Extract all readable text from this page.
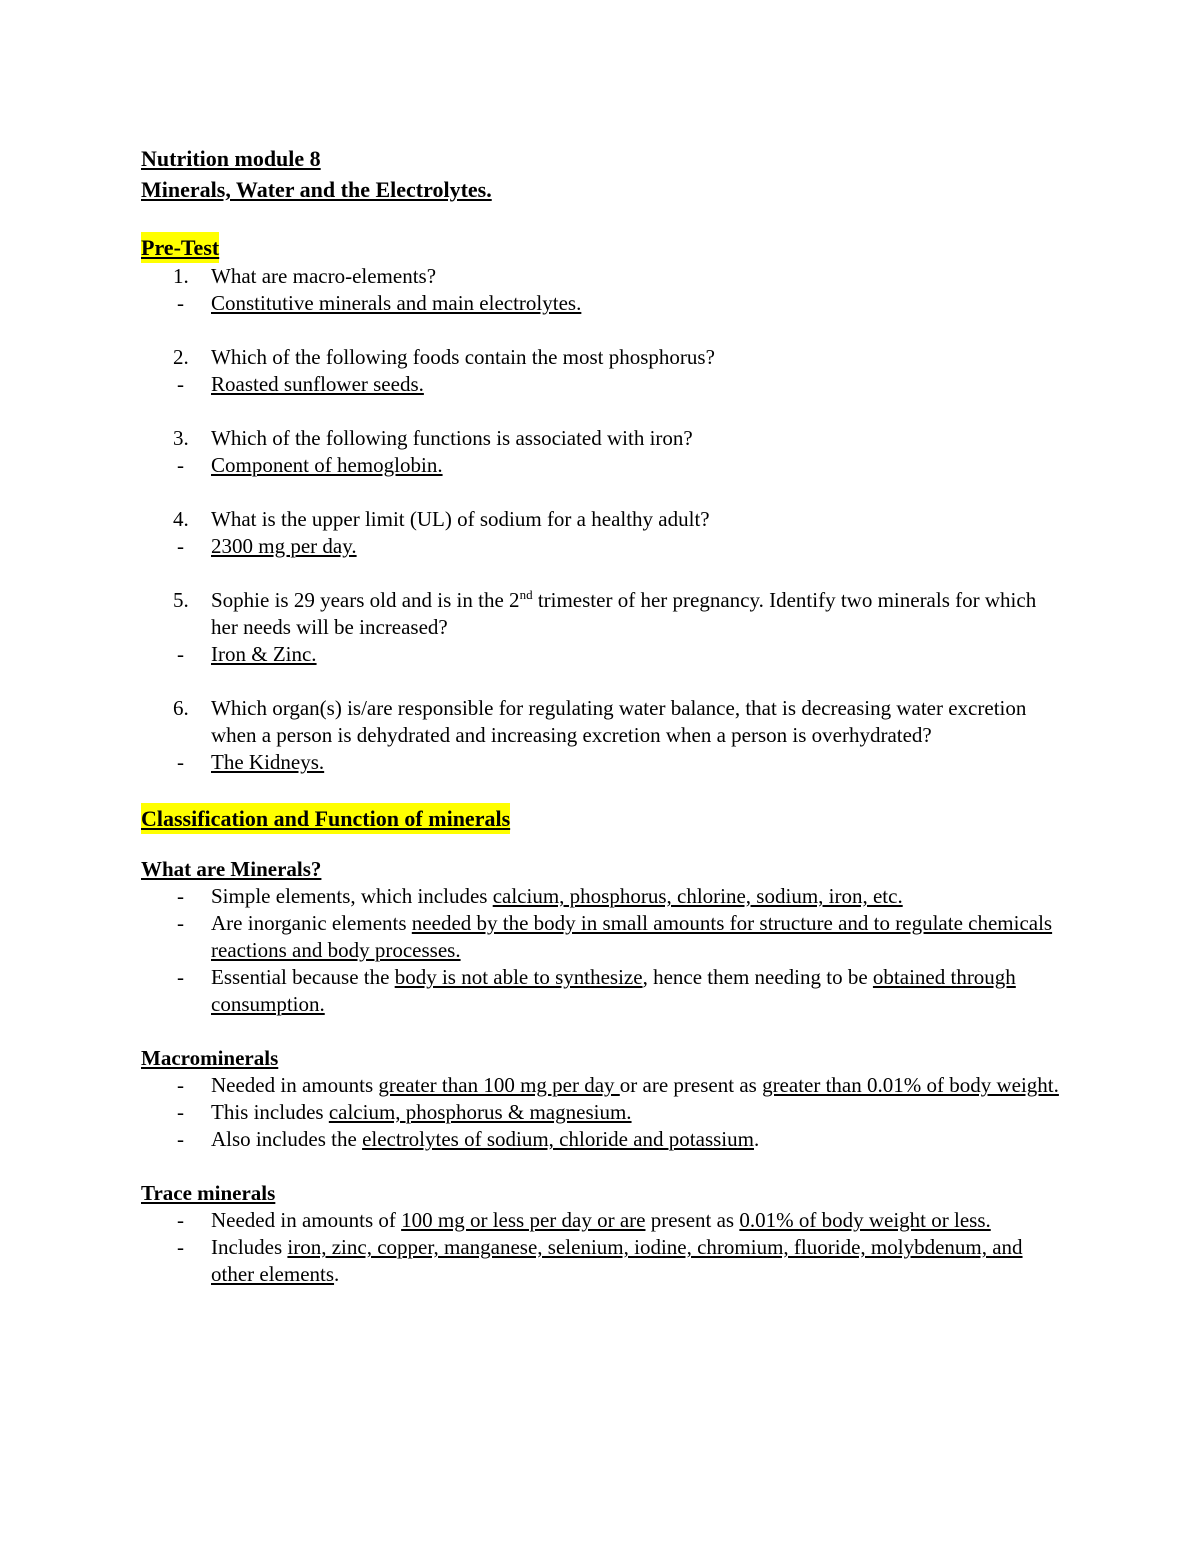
Nutrition module 8
Minerals, Water and the Electrolytes.
Pre-Test
1. What are macro-elements?
- Constitutive minerals and main electrolytes.
2. Which of the following foods contain the most phosphorus?
- Roasted sunflower seeds.
3. Which of the following functions is associated with iron?
- Component of hemoglobin.
4. What is the upper limit (UL) of sodium for a healthy adult?
- 2300 mg per day.
5. Sophie is 29 years old and is in the 2nd trimester of her pregnancy. Identify two minerals for which her needs will be increased?
- Iron & Zinc.
6. Which organ(s) is/are responsible for regulating water balance, that is decreasing water excretion when a person is dehydrated and increasing excretion when a person is overhydrated?
- The Kidneys.
Classification and Function of minerals
What are Minerals?
- Simple elements, which includes calcium, phosphorus, chlorine, sodium, iron, etc.
- Are inorganic elements needed by the body in small amounts for structure and to regulate chemicals reactions and body processes.
- Essential because the body is not able to synthesize, hence them needing to be obtained through consumption.
Macrominerals
- Needed in amounts greater than 100 mg per day or are present as greater than 0.01% of body weight.
- This includes calcium, phosphorus & magnesium.
- Also includes the electrolytes of sodium, chloride and potassium.
Trace minerals
- Needed in amounts of 100 mg or less per day or are present as 0.01% of body weight or less.
- Includes iron, zinc, copper, manganese, selenium, iodine, chromium, fluoride, molybdenum, and other elements.
